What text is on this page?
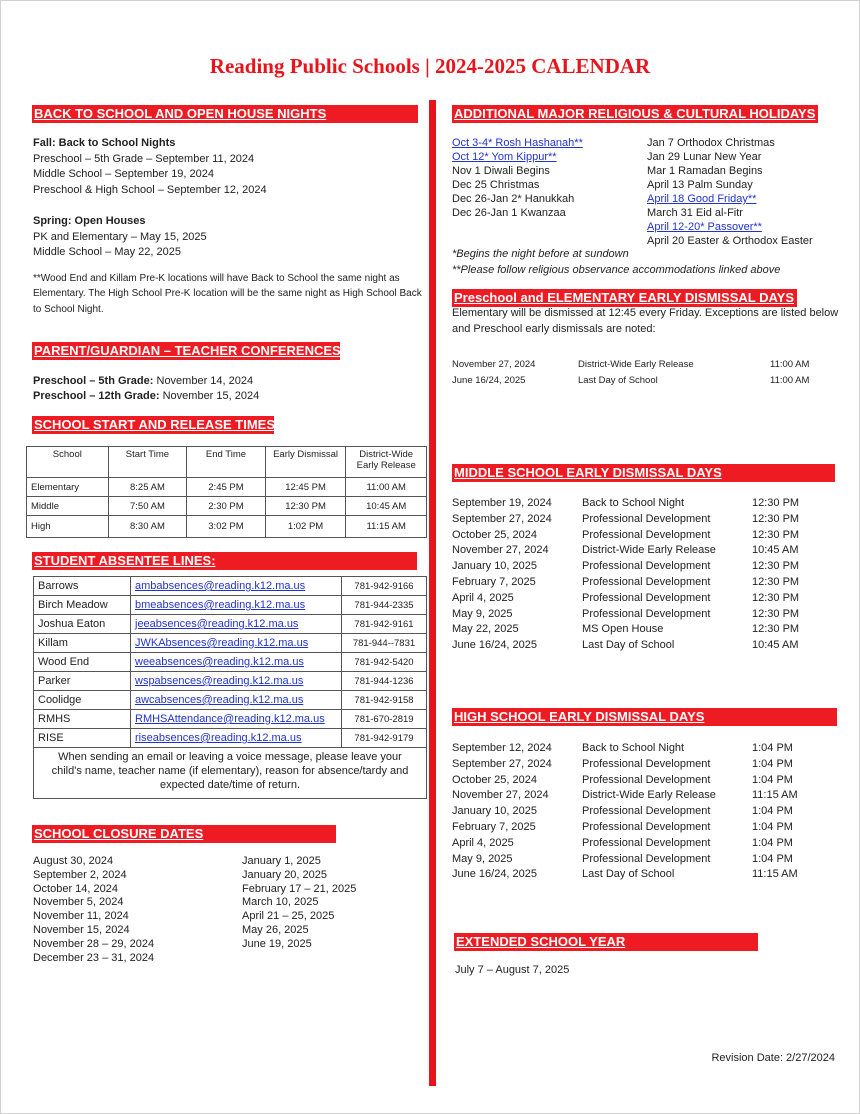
Reading Public Schools | 2024-2025 CALENDAR
BACK TO SCHOOL AND OPEN HOUSE NIGHTS
Fall: Back to School Nights
Preschool – 5th Grade – September 11, 2024
Middle School – September 19, 2024
Preschool & High School – September 12, 2024
Spring: Open Houses
PK and Elementary – May 15, 2025
Middle School – May 22, 2025
**Wood End and Killam Pre-K locations will have Back to School the same night as Elementary. The High School Pre-K location will be the same night as High School Back to School Night.
PARENT/GUARDIAN – TEACHER CONFERENCES
Preschool – 5th Grade: November 14, 2024
Preschool – 12th Grade: November 15, 2024
SCHOOL START AND RELEASE TIMES
School	Start Time	End Time	Early Dismissal	District-Wide Early Release
Elementary	8:25 AM	2:45 PM	12:45 PM	11:00 AM
Middle	7:50 AM	2:30 PM	12:30 PM	10:45 AM
High	8:30 AM	3:02 PM	1:02 PM	11:15 AM
STUDENT ABSENTEE LINES:
Barrows	ambabsences@reading.k12.ma.us	781-942-9166
Birch Meadow	bmeabsences@reading.k12.ma.us	781-944-2335
Joshua Eaton	jeeabsences@reading.k12.ma.us	781-942-9161
Killam	JWKAbsences@reading.k12.ma.us	781-944--7831
Wood End	weeabsences@reading.k12.ma.us	781-942-5420
Parker	wspabsences@reading.k12.ma.us	781-944-1236
Coolidge	awcabsences@reading.k12.ma.us	781-942-9158
RMHS	RMHSAttendance@reading.k12.ma.us	781-670-2819
RISE	riseabsences@reading.k12.ma.us	781-942-9179
When sending an email or leaving a voice message, please leave your child's name, teacher name (if elementary), reason for absence/tardy and expected date/time of return.		
SCHOOL CLOSURE DATES
August 30, 2024
September 2, 2024
October 14, 2024
November 5, 2024
November 11, 2024
November 15, 2024
November 28 – 29, 2024
December 23 – 31, 2024
January 1, 2025
January 20, 2025
February 17 – 21, 2025
March 10, 2025
April 21 – 25, 2025
May 26, 2025
June 19, 2025
ADDITIONAL MAJOR RELIGIOUS & CULTURAL HOLIDAYS
Oct 3-4* Rosh Hashanah**
Oct 12* Yom Kippur**
Nov 1 Diwali Begins
Dec 25 Christmas
Dec 26-Jan 2* Hanukkah
Dec 26-Jan 1 Kwanzaa
Jan 7 Orthodox Christmas
Jan 29 Lunar New Year
Mar 1 Ramadan Begins
April 13 Palm Sunday
April 18 Good Friday**
March 31 Eid al-Fitr
April 12-20* Passover**
April 20 Easter & Orthodox Easter
*Begins the night before at sundown
**Please follow religious observance accommodations linked above
Preschool and ELEMENTARY EARLY DISMISSAL DAYS
Elementary will be dismissed at 12:45 every Friday. Exceptions are listed below and Preschool early dismissals are noted:
November 27, 2024	District-Wide Early Release	11:00 AM
June 16/24, 2025	Last Day of School	11:00 AM
MIDDLE SCHOOL EARLY DISMISSAL DAYS
September 19, 2024	Back to School Night	12:30 PM
September 27, 2024	Professional Development	12:30 PM
October 25, 2024	Professional Development	12:30 PM
November 27, 2024	District-Wide Early Release	10:45 AM
January 10, 2025	Professional Development	12:30 PM
February 7, 2025	Professional Development	12:30 PM
April 4, 2025	Professional Development	12:30 PM
May 9, 2025	Professional Development	12:30 PM
May 22, 2025	MS Open House	12:30 PM
June 16/24, 2025	Last Day of School	10:45 AM
HIGH SCHOOL EARLY DISMISSAL DAYS
September 12, 2024	Back to School Night	1:04 PM
September 27, 2024	Professional Development	1:04 PM
October 25, 2024	Professional Development	1:04 PM
November 27, 2024	District-Wide Early Release	11:15 AM
January 10, 2025	Professional Development	1:04 PM
February 7, 2025	Professional Development	1:04 PM
April 4, 2025	Professional Development	1:04 PM
May 9, 2025	Professional Development	1:04 PM
June 16/24, 2025	Last Day of School	11:15 AM
EXTENDED SCHOOL YEAR
July 7 – August 7, 2025
Revision Date: 2/27/2024
